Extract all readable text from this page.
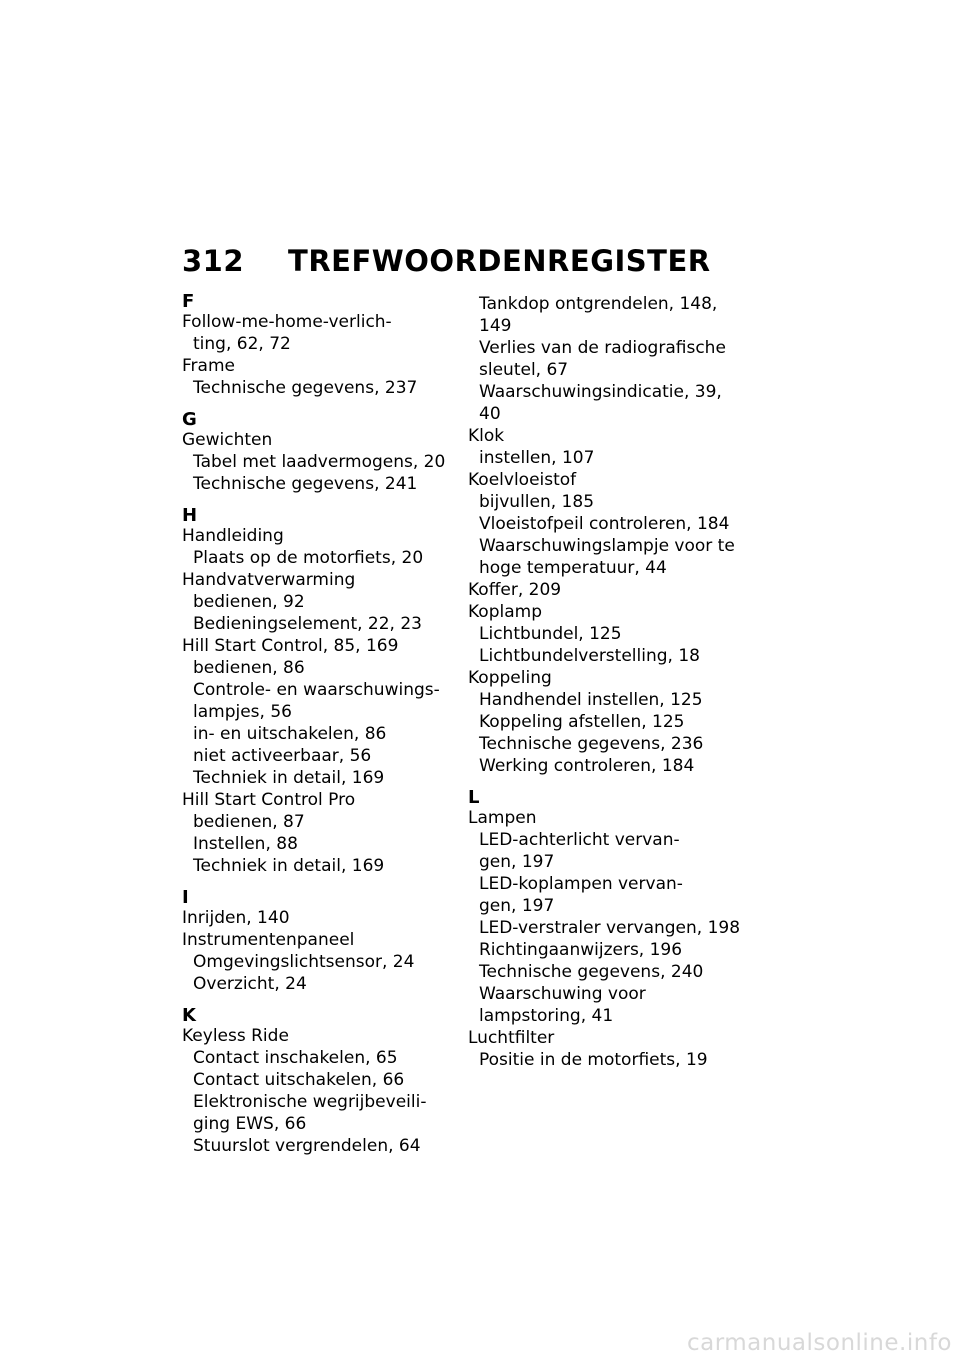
312 TREFWOORDENREGISTER
F
Follow-me-home-verlich-
ting, 62, 72
Frame
Technische gegevens, 237
G
Gewichten
Tabel met laadvermogens, 20
Technische gegevens, 241
H
Handleiding
Plaats op de motorfiets, 20
Handvatverwarming
bedienen, 92
Bedieningselement, 22, 23
Hill Start Control, 85, 169
bedienen, 86
Controle- en waarschuwings-
lampjes, 56
in- en uitschakelen, 86
niet activeerbaar, 56
Techniek in detail, 169
Hill Start Control Pro
bedienen, 87
Instellen, 88
Techniek in detail, 169
I
Inrijden, 140
Instrumentenpaneel
Omgevingslichtsensor, 24
Overzicht, 24
K
Keyless Ride
Contact inschakelen, 65
Contact uitschakelen, 66
Elektronische wegrijbeveili-
ging EWS, 66
Stuurslot vergrendelen, 64
Tankdop ontgrendelen, 148,
149
Verlies van de radiografische
sleutel, 67
Waarschuwingsindicatie, 39,
40
Klok
instellen, 107
Koelvloeistof
bijvullen, 185
Vloeistofpeil controleren, 184
Waarschuwingslampje voor te
hoge temperatuur, 44
Koffer, 209
Koplamp
Lichtbundel, 125
Lichtbundelverstelling, 18
Koppeling
Handhendel instellen, 125
Koppeling afstellen, 125
Technische gegevens, 236
Werking controleren, 184
L
Lampen
LED-achterlicht vervan-
gen, 197
LED-koplampen vervan-
gen, 197
LED-verstraler vervangen, 198
Richtingaanwijzers, 196
Technische gegevens, 240
Waarschuwing voor
lampstoring, 41
Luchtfilter
Positie in de motorfiets, 19
carmanualsonline.info
